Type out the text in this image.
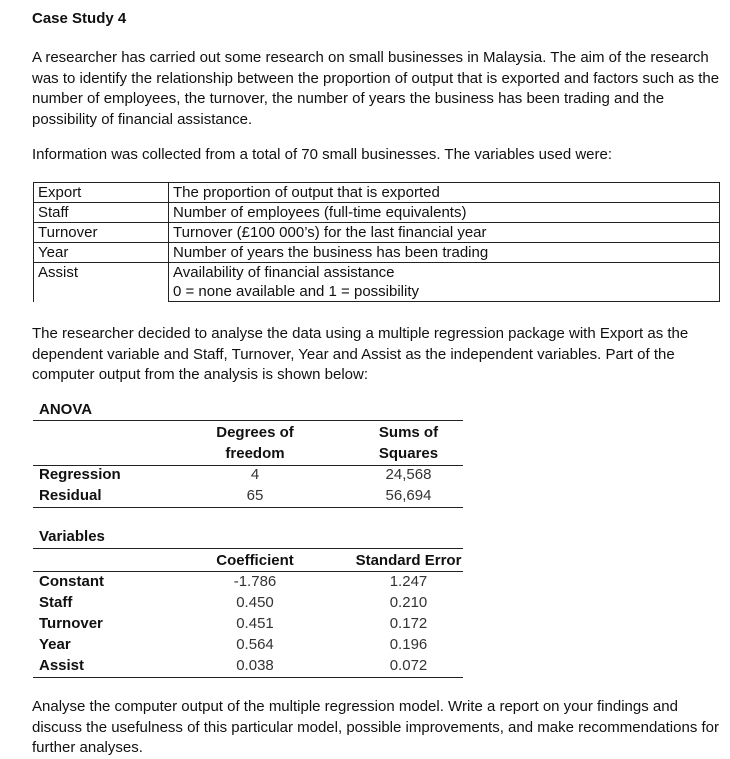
Case Study 4

A researcher has carried out some research on small businesses in Malaysia. The aim of the research was to identify the relationship between the proportion of output that is exported and factors such as the number of employees, the turnover, the number of years the business has been trading and the possibility of financial assistance.

Information was collected from a total of 70 small businesses. The variables used were:

Export	The proportion of output that is exported
Staff	Number of employees (full-time equivalents)
Turnover	Turnover (£100 000’s) for the last financial year
Year	Number of years the business has been trading
Assist	Availability of financial assistance
	0 = none available and 1 = possibility

The researcher decided to analyse the data using a multiple regression package with Export as the dependent variable and Staff, Turnover, Year and Assist as the independent variables. Part of the computer output from the analysis is shown below:

ANOVA
	Degrees of	Sums of
	freedom	Squares
Regression	4	24,568
Residual	65	56,694
Variables
	Coefficient	Standard Error
Constant	-1.786	1.247
Staff	0.450	0.210
Turnover	0.451	0.172
Year	0.564	0.196
Assist	0.038	0.072

Analyse the computer output of the multiple regression model. Write a report on your findings and discuss the usefulness of this particular model, possible improvements, and make recommendations for further analyses.
